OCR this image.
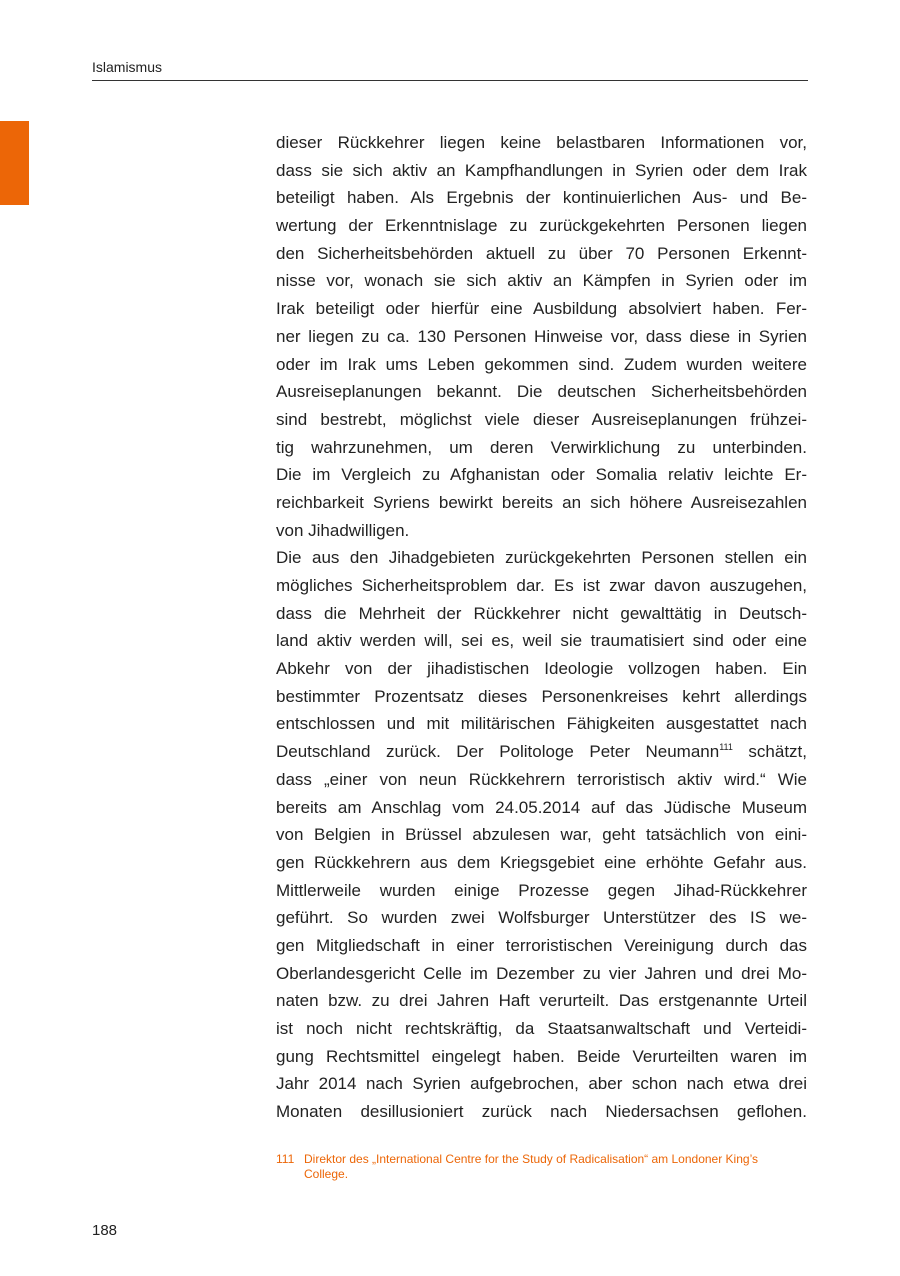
Islamismus

dieser Rückkehrer liegen keine belastbaren Informationen vor,
dass sie sich aktiv an Kampfhandlungen in Syrien oder dem Irak
beteiligt haben. Als Ergebnis der kontinuierlichen Aus- und Be-
wertung der Erkenntnislage zu zurückgekehrten Personen liegen
den Sicherheitsbehörden aktuell zu über 70 Personen Erkennt-
nisse vor, wonach sie sich aktiv an Kämpfen in Syrien oder im
Irak beteiligt oder hierfür eine Ausbildung absolviert haben. Fer-
ner liegen zu ca. 130 Personen Hinweise vor, dass diese in Syrien
oder im Irak ums Leben gekommen sind. Zudem wurden weitere
Ausreiseplanungen bekannt. Die deutschen Sicherheitsbehörden
sind bestrebt, möglichst viele dieser Ausreiseplanungen frühzei-
tig wahrzunehmen, um deren Verwirklichung zu unterbinden.
Die im Vergleich zu Afghanistan oder Somalia relativ leichte Er-
reichbarkeit Syriens bewirkt bereits an sich höhere Ausreisezahlen
von Jihadwilligen.

Die aus den Jihadgebieten zurückgekehrten Personen stellen ein
mögliches Sicherheitsproblem dar. Es ist zwar davon auszugehen,
dass die Mehrheit der Rückkehrer nicht gewalttätig in Deutsch-
land aktiv werden will, sei es, weil sie traumatisiert sind oder eine
Abkehr von der jihadistischen Ideologie vollzogen haben. Ein
bestimmter Prozentsatz dieses Personenkreises kehrt allerdings
entschlossen und mit militärischen Fähigkeiten ausgestattet nach
Deutschland zurück. Der Politologe Peter Neumann$^{111}$ schätzt,
dass „einer von neun Rückkehrern terroristisch aktiv wird.“ Wie
bereits am Anschlag vom 24.05.2014 auf das Jüdische Museum
von Belgien in Brüssel abzulesen war, geht tatsächlich von eini-
gen Rückkehrern aus dem Kriegsgebiet eine erhöhte Gefahr aus.
Mittlerweile wurden einige Prozesse gegen Jihad-Rückkehrer
geführt. So wurden zwei Wolfsburger Unterstützer des IS we-
gen Mitgliedschaft in einer terroristischen Vereinigung durch das
Oberlandesgericht Celle im Dezember zu vier Jahren und drei Mo-
naten bzw. zu drei Jahren Haft verurteilt. Das erstgenannte Urteil
ist noch nicht rechtskräftig, da Staatsanwaltschaft und Verteidi-
gung Rechtsmittel eingelegt haben. Beide Verurteilten waren im
Jahr 2014 nach Syrien aufgebrochen, aber schon nach etwa drei
Monaten desillusioniert zurück nach Niedersachsen geflohen.

111 Direktor des „International Centre for the Study of Radicalisation“ am Londoner King’s
College.
188
